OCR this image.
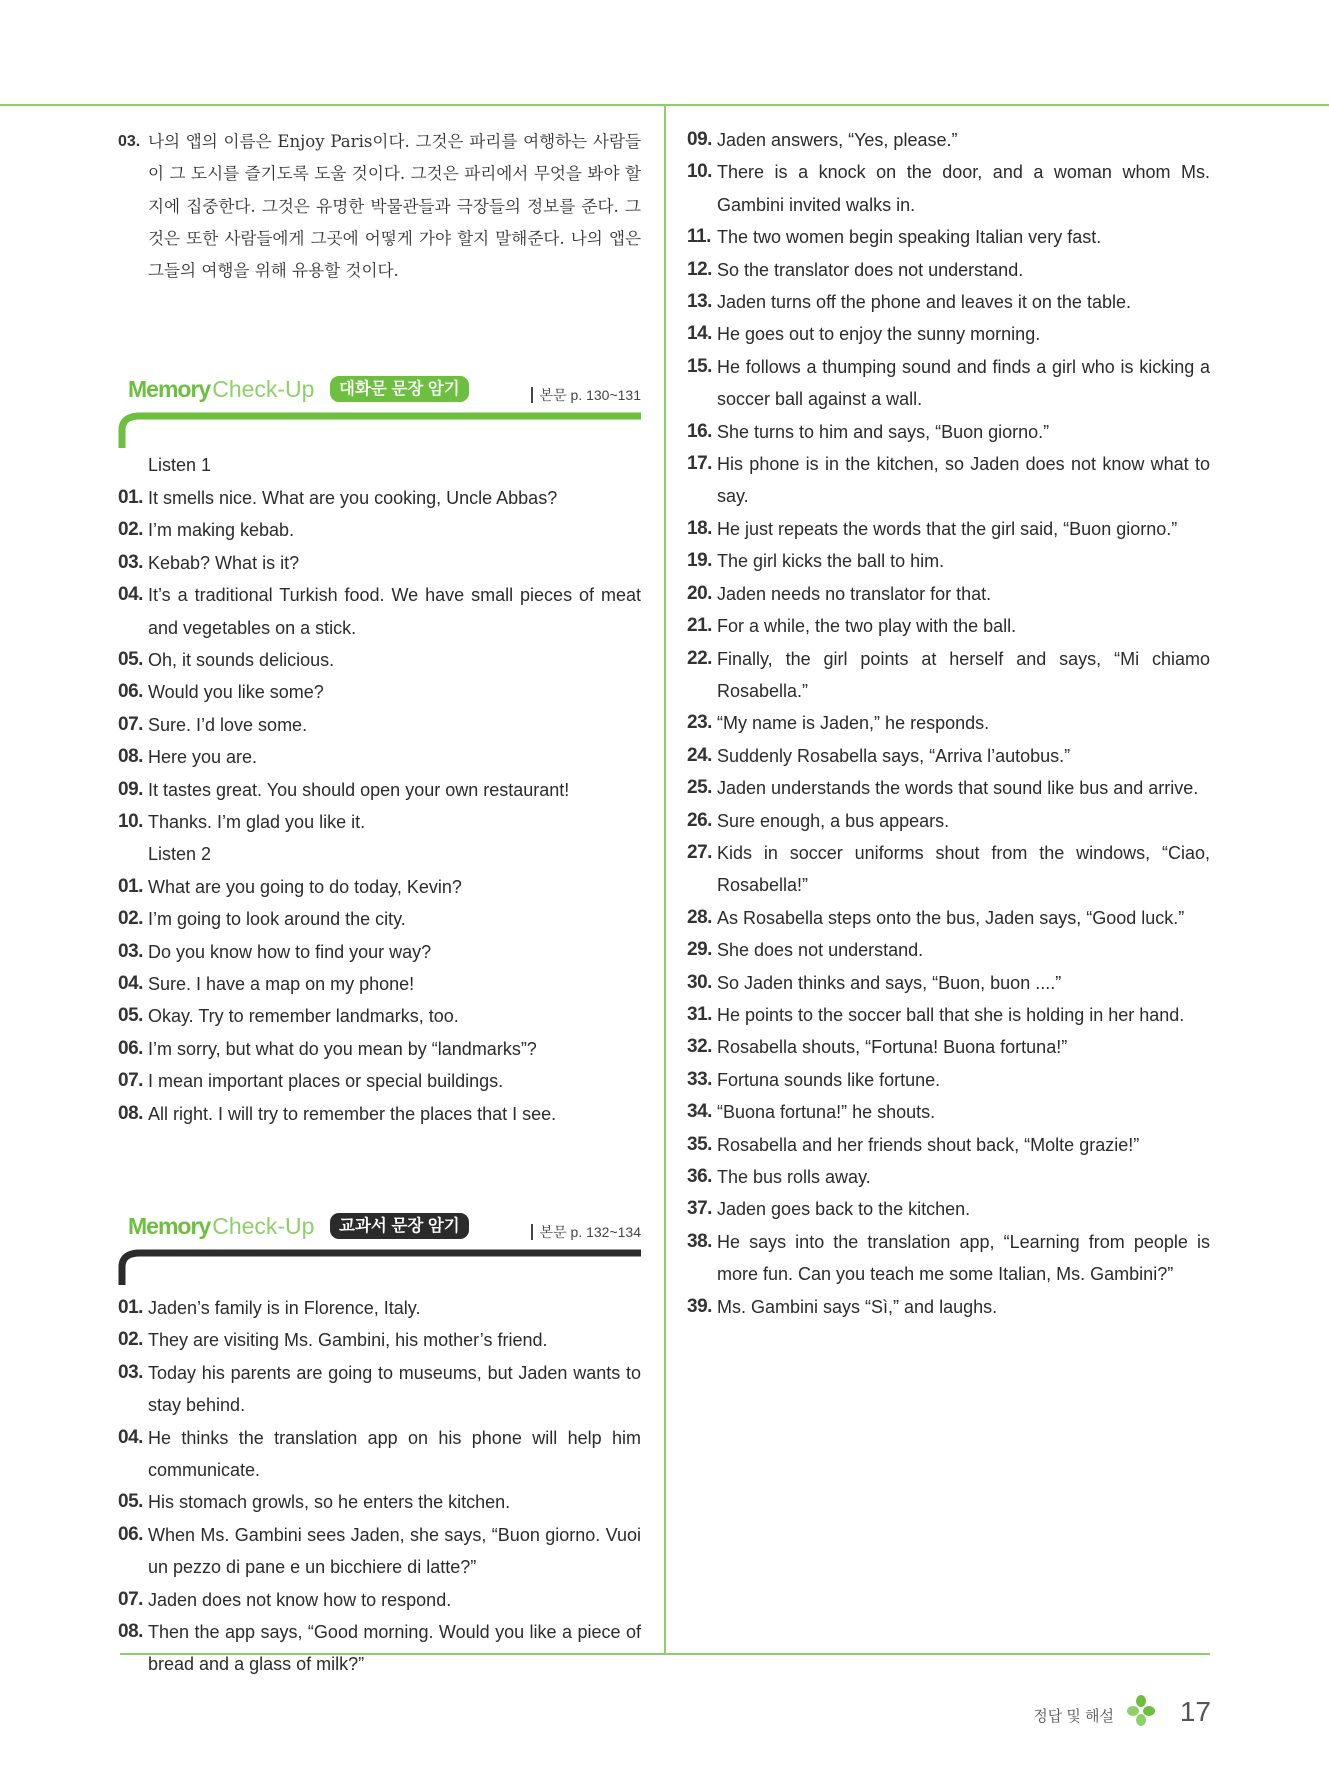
03. 나의 앱의 이름은 Enjoy Paris이다. 그것은 파리를 여행하는 사람들이 그 도시를 즐기도록 도울 것이다. 그것은 파리에서 무엇을 봐야 할지에 집중한다. 그것은 유명한 박물관들과 극장들의 정보를 준다. 그것은 또한 사람들에게 그곳에 어떻게 가야 할지 말해준다. 나의 앱은 그들의 여행을 위해 유용할 것이다.
MemoryCheck-Up	대화문 문장 암기	본문 p. 130~131
Listen 1
01. It smells nice. What are you cooking, Uncle Abbas?
02. I’m making kebab.
03. Kebab? What is it?
04. It’s a traditional Turkish food. We have small pieces of meat and vegetables on a stick.
05. Oh, it sounds delicious.
06. Would you like some?
07. Sure. I’d love some.
08. Here you are.
09. It tastes great. You should open your own restaurant!
10. Thanks. I’m glad you like it.
Listen 2
01. What are you going to do today, Kevin?
02. I’m going to look around the city.
03. Do you know how to find your way?
04. Sure. I have a map on my phone!
05. Okay. Try to remember landmarks, too.
06. I’m sorry, but what do you mean by “landmarks”?
07. I mean important places or special buildings.
08. All right. I will try to remember the places that I see.
MemoryCheck-Up	교과서 문장 암기	본문 p. 132~134
01. Jaden’s family is in Florence, Italy.
02. They are visiting Ms. Gambini, his mother’s friend.
03. Today his parents are going to museums, but Jaden wants to stay behind.
04. He thinks the translation app on his phone will help him communicate.
05. His stomach growls, so he enters the kitchen.
06. When Ms. Gambini sees Jaden, she says, “Buon giorno. Vuoi un pezzo di pane e un bicchiere di latte?”
07. Jaden does not know how to respond.
08. Then the app says, “Good morning. Would you like a piece of bread and a glass of milk?”
09. Jaden answers, “Yes, please.”
10. There is a knock on the door, and a woman whom Ms. Gambini invited walks in.
11. The two women begin speaking Italian very fast.
12. So the translator does not understand.
13. Jaden turns off the phone and leaves it on the table.
14. He goes out to enjoy the sunny morning.
15. He follows a thumping sound and finds a girl who is kicking a soccer ball against a wall.
16. She turns to him and says, “Buon giorno.”
17. His phone is in the kitchen, so Jaden does not know what to say.
18. He just repeats the words that the girl said, “Buon giorno.”
19. The girl kicks the ball to him.
20. Jaden needs no translator for that.
21. For a while, the two play with the ball.
22. Finally, the girl points at herself and says, “Mi chiamo Rosabella.”
23. “My name is Jaden,” he responds.
24. Suddenly Rosabella says, “Arriva l’autobus.”
25. Jaden understands the words that sound like bus and arrive.
26. Sure enough, a bus appears.
27. Kids in soccer uniforms shout from the windows, “Ciao, Rosabella!”
28. As Rosabella steps onto the bus, Jaden says, “Good luck.”
29. She does not understand.
30. So Jaden thinks and says, “Buon, buon ....”
31. He points to the soccer ball that she is holding in her hand.
32. Rosabella shouts, “Fortuna! Buona fortuna!”
33. Fortuna sounds like fortune.
34. “Buona fortuna!” he shouts.
35. Rosabella and her friends shout back, “Molte grazie!”
36. The bus rolls away.
37. Jaden goes back to the kitchen.
38. He says into the translation app, “Learning from people is more fun. Can you teach me some Italian, Ms. Gambini?”
39. Ms. Gambini says “Sì,” and laughs.
정답 및 해설 17
